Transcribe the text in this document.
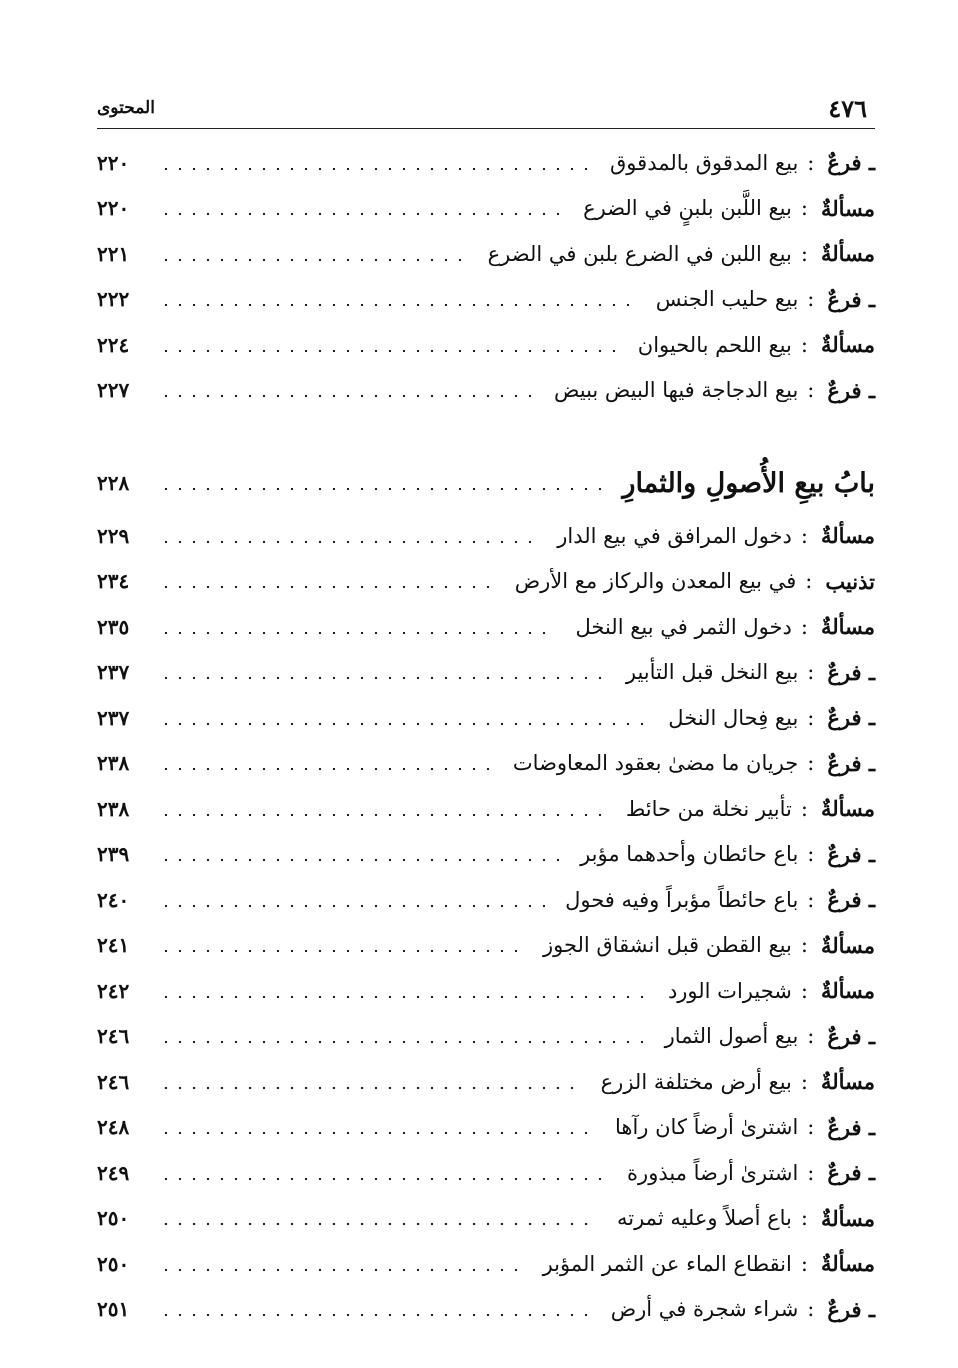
٤٧٦
المحتوى
ـ فرعٌ
:
بيع المدقوق بالمدقوق
٢٢٠
مسألةٌ
:
بيع اللَّبن بلبنٍ في الضرع
٢٢٠
مسألةٌ
:
بيع اللبن في الضرع بلبن في الضرع
٢٢١
ـ فرعٌ
:
بيع حليب الجنس
٢٢٢
مسألةٌ
:
بيع اللحم بالحيوان
٢٢٤
ـ فرعٌ
:
بيع الدجاجة فيها البيض ببيض
٢٢٧
بابُ بيعِ الأُصولِ والثمارِ
٢٢٨
مسألةٌ
:
دخول المرافق في بيع الدار
٢٢٩
تذنيب
:
في بيع المعدن والركاز مع الأرض
٢٣٤
مسألةٌ
:
دخول الثمر في بيع النخل
٢٣٥
ـ فرعٌ
:
بيع النخل قبل التأبير
٢٣٧
ـ فرعٌ
:
بيع فِحال النخل
٢٣٧
ـ فرعٌ
:
جريان ما مضىٰ بعقود المعاوضات
٢٣٨
مسألةٌ
:
تأبير نخلة من حائط
٢٣٨
ـ فرعٌ
:
باع حائطان وأحدهما مؤبر
٢٣٩
ـ فرعٌ
:
باع حائطاً مؤبراً وفيه فحول
٢٤٠
مسألةٌ
:
بيع القطن قبل انشقاق الجوز
٢٤١
مسألةٌ
:
شجيرات الورد
٢٤٢
ـ فرعٌ
:
بيع أصول الثمار
٢٤٦
مسألةٌ
:
بيع أرض مختلفة الزرع
٢٤٦
ـ فرعٌ
:
اشترىٰ أرضاً كان رآها
٢٤٨
ـ فرعٌ
:
اشترىٰ أرضاً مبذورة
٢٤٩
مسألةٌ
:
باع أصلاً وعليه ثمرته
٢٥٠
مسألةٌ
:
انقطاع الماء عن الثمر المؤبر
٢٥٠
ـ فرعٌ
:
شراء شجرة في أرض
٢٥١
